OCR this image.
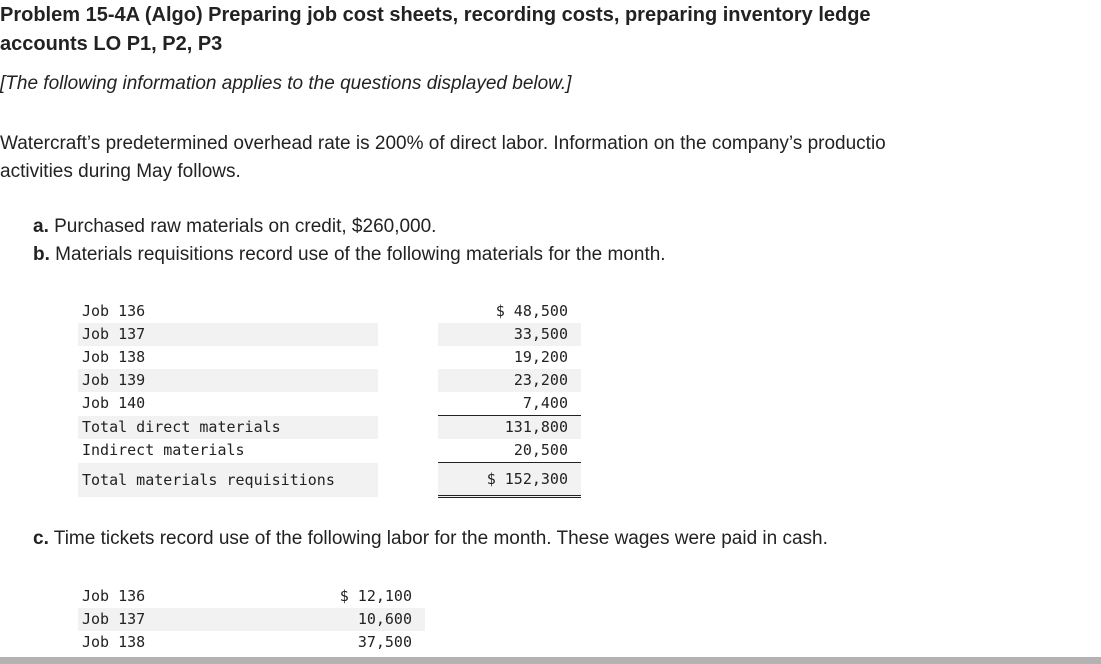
Problem 15-4A (Algo) Preparing job cost sheets, recording costs, preparing inventory ledge
accounts LO P1, P2, P3
[The following information applies to the questions displayed below.]
Watercraft’s predetermined overhead rate is 200% of direct labor. Information on the company’s productio
activities during May follows.
a. Purchased raw materials on credit, $260,000.
b. Materials requisitions record use of the following materials for the month.
Job 136		$ 48,500
Job 137		33,500
Job 138		19,200
Job 139		23,200
Job 140		7,400
Total direct materials		131,800
Indirect materials		20,500
Total materials requisitions		$ 152,300
c. Time tickets record use of the following labor for the month. These wages were paid in cash.
Job 136		$ 12,100
Job 137		10,600
Job 138		37,500
